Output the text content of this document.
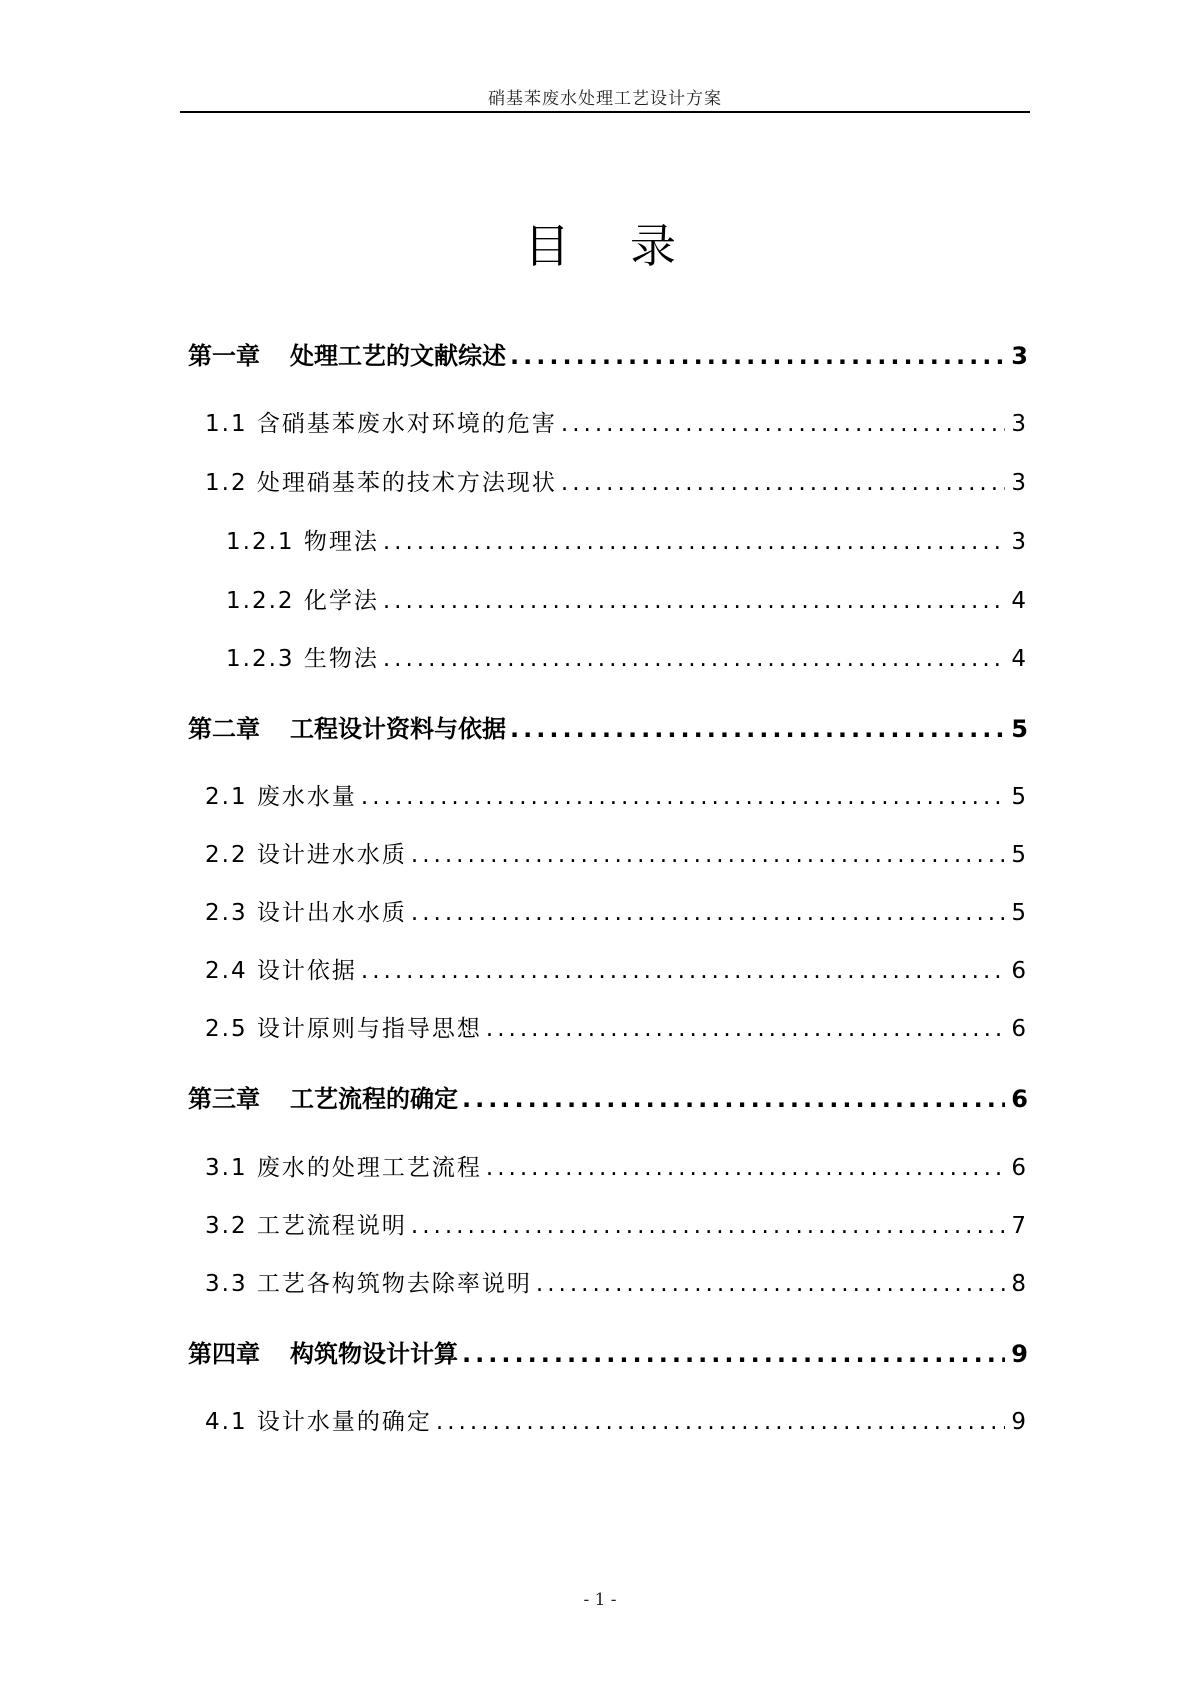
硝基苯废水处理工艺设计方案
目录
第一章 处理工艺的文献综述 .....	3
1.1 含硝基苯废水对环境的危害 .....	3
1.2 处理硝基苯的技术方法现状 .....	3
1.2.1 物理法 .....	3
1.2.2 化学法 .....	4
1.2.3 生物法 .....	4
第二章 工程设计资料与依据 .....	5
2.1 废水水量 .....	5
2.2 设计进水水质 .....	5
2.3 设计出水水质 .....	5
2.4 设计依据 .....	6
2.5 设计原则与指导思想 .....	6
第三章 工艺流程的确定 .....	6
3.1 废水的处理工艺流程 .....	6
3.2 工艺流程说明 .....	7
3.3 工艺各构筑物去除率说明 .....	8
第四章 构筑物设计计算 .....	9
4.1 设计水量的确定 .....	9
- 1 -
